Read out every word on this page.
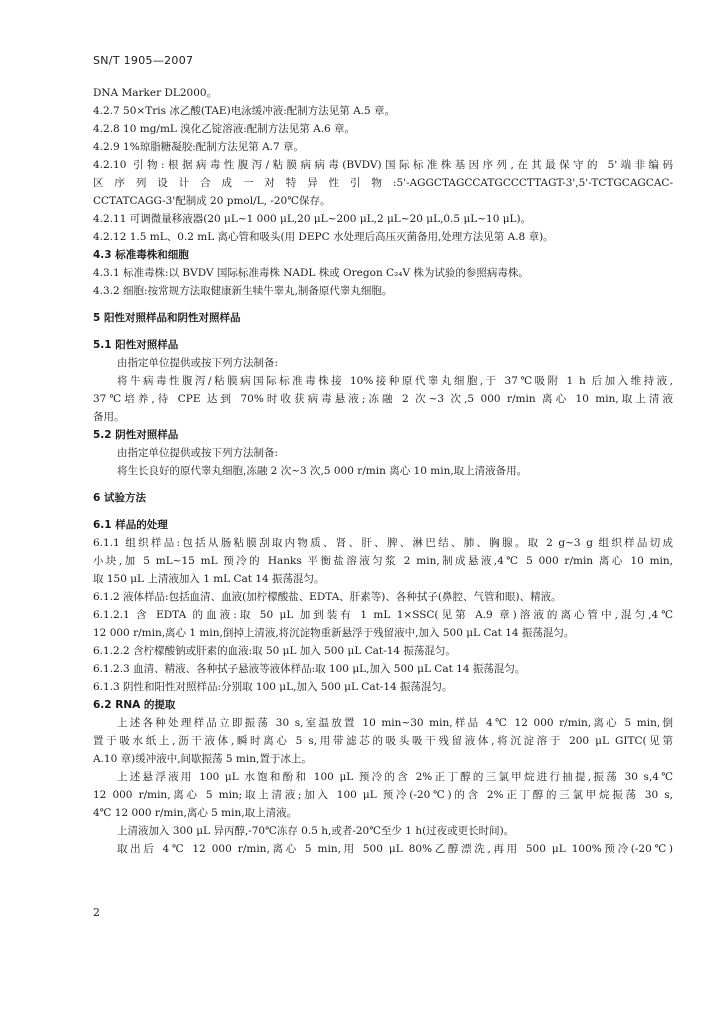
SN/T 1905—2007
DNA Marker DL2000。
4.2.7 50×Tris 冰乙酸(TAE)电泳缓冲液:配制方法见第 A.5 章。
4.2.8 10 mg/mL 溴化乙锭溶液:配制方法见第 A.6 章。
4.2.9 1%琼脂糖凝胶:配制方法见第 A.7 章。
4.2.10 引物:根据病毒性腹泻/粘膜病病毒(BVDV)国际标准株基因序列,在其最保守的 5'端非编码
区序列设计合成一对特异性引物:5'-AGGCTAGCCATGCCCTTAGT-3',5'-TCTGCAGCAC-
CCTATCAGG-3'配制成 20 pmol/L, -20℃保存。
4.2.11 可调微量移液器(20 μL~1 000 μL,20 μL~200 μL,2 μL~20 μL,0.5 μL~10 μL)。
4.2.12 1.5 mL、0.2 mL 离心管和吸头(用 DEPC 水处理后高压灭菌备用,处理方法见第 A.8 章)。
4.3 标准毒株和细胞
4.3.1 标准毒株:以 BVDV 国际标准毒株 NADL 株或 Oregon C₂₄V 株为试验的参照病毒株。
4.3.2 细胞:按常规方法取健康新生犊牛睾丸,制备原代睾丸细胞。
5 阳性对照样品和阴性对照样品
5.1 阳性对照样品
由指定单位提供或按下列方法制备:
将牛病毒性腹泻/粘膜病国际标准毒株接 10%接种原代睾丸细胞,于 37℃吸附 1 h 后加入维持液,
37℃培养,待 CPE 达到 70%时收获病毒悬液;冻融 2 次~3 次,5 000 r/min 离心 10 min,取上清液
备用。
5.2 阴性对照样品
由指定单位提供或按下列方法制备:
将生长良好的原代睾丸细胞,冻融 2 次~3 次,5 000 r/min 离心 10 min,取上清液备用。
6 试验方法
6.1 样品的处理
6.1.1 组织样品:包括从肠粘膜刮取内物质、肾、肝、脾、淋巴结、肺、胸腺。取 2 g~3 g 组织样品切成
小块,加 5 mL~15 mL 预冷的 Hanks 平衡盐溶液匀浆 2 min,制成悬液,4℃ 5 000 r/min 离心 10 min,
取 150 μL 上清液加入 1 mL Cat 14 振荡混匀。
6.1.2 液体样品:包括血清、血液(加柠檬酸盐、EDTA、肝素等)、各种拭子(鼻腔、气管和眼)、精液。
6.1.2.1 含 EDTA 的血液:取 50 μL 加到装有 1 mL 1×SSC(见第 A.9 章)溶液的离心管中,混匀,4℃
12 000 r/min,离心 1 min,倒掉上清液,将沉淀物重新悬浮于残留液中,加入 500 μL Cat 14 振荡混匀。
6.1.2.2 含柠檬酸钠或肝素的血液:取 50 μL 加入 500 μL Cat-14 振荡混匀。
6.1.2.3 血清、精液、各种拭子悬液等液体样品:取 100 μL,加入 500 μL Cat 14 振荡混匀。
6.1.3 阴性和阳性对照样品:分别取 100 μL,加入 500 μL Cat-14 振荡混匀。
6.2 RNA 的提取
上述各种处理样品立即振荡 30 s,室温放置 10 min~30 min,样品 4℃ 12 000 r/min,离心 5 min,倒
置于吸水纸上,沥干液体,瞬时离心 5 s,用带滤芯的吸头吸干残留液体,将沉淀溶于 200 μL GITC(见第
A.10 章)缓冲液中,间歇振荡 5 min,置于冰上。
上述悬浮液用 100 μL 水饱和酚和 100 μL 预冷的含 2%正丁醇的三氯甲烷进行抽提,振荡 30 s,4℃
12 000 r/min,离心 5 min;取上清液;加入 100 μL 预冷(-20℃)的含 2%正丁醇的三氯甲烷振荡 30 s,
4℃ 12 000 r/min,离心 5 min,取上清液。
上清液加入 300 μL 异丙醇,-70℃冻存 0.5 h,或者-20℃至少 1 h(过夜或更长时间)。
取出后 4℃ 12 000 r/min,离心 5 min,用 500 μL 80%乙醇漂洗,再用 500 μL 100%预冷(-20℃)
2
